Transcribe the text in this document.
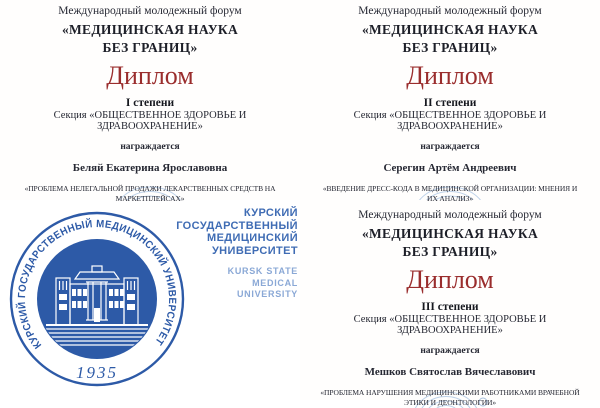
Международный молодежный форум
«МЕДИЦИНСКАЯ НАУКА
БЕЗ ГРАНИЦ»
Диплом
I степени
Секция «ОБЩЕСТВЕННОЕ ЗДОРОВЬЕ И
ЗДРАВООХРАНЕНИЕ»
награждается
Беляй Екатерина Ярославовна
«ПРОБЛЕМА НЕЛЕГАЛЬНОЙ ПРОДАЖИ ЛЕКАРСТВЕННЫХ СРЕДСТВ НА
МАРКЕТПЛЕЙСАХ»
Международный молодежный форум
«МЕДИЦИНСКАЯ НАУКА
БЕЗ ГРАНИЦ»
Диплом
II степени
Секция «ОБЩЕСТВЕННОЕ ЗДОРОВЬЕ И
ЗДРАВООХРАНЕНИЕ»
награждается
Серегин Артём Андреевич
«ВВЕДЕНИЕ ДРЕСС-КОДА В МЕДИЦИНСКОЙ ОРГАНИЗАЦИИ: МНЕНИЯ И
ИХ АНАЛИЗ»
КУРСКИЙ ГОСУДАРСТВЕННЫЙ МЕДИЦИНСКИЙ УНИВЕРСИТЕТ
1935
КУРСКИЙ
ГОСУДАРСТВЕННЫЙ
МЕДИЦИНСКИЙ
УНИВЕРСИТЕТ
KURSK STATE
MEDICAL
UNIVERSITY
Международный молодежный форум
«МЕДИЦИНСКАЯ НАУКА
БЕЗ ГРАНИЦ»
Диплом
III степени
Секция «ОБЩЕСТВЕННОЕ ЗДОРОВЬЕ И
ЗДРАВООХРАНЕНИЕ»
награждается
Мешков Святослав Вячеславович
«ПРОБЛЕМА НАРУШЕНИЯ МЕДИЦИНСКИМИ РАБОТНИКАМИ ВРАЧЕБНОЙ
ЭТИКИ И ДЕОНТОЛОГИИ»
